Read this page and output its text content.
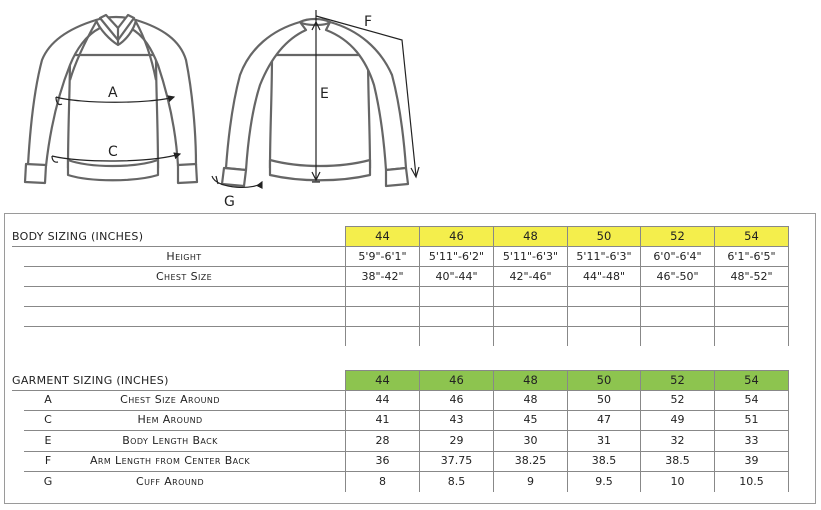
A
C
E
F
G
BODY SIZING (INCHES)	44	46	48	50	52	54
Height	5'9"-6'1"	5'11"-6'2"	5'11"-6'3"	5'11"-6'3"	6'0"-6'4"	6'1"-6'5"
Chest Size	38"-42"	40"-44"	42"-46"	44"-48"	46"-50"	48"-52"
GARMENT SIZING (INCHES)	44	46	48	50	52	54
A	Chest Size Around	44	46	48	50	52	54
C	Hem Around	41	43	45	47	49	51
E	Body Length Back	28	29	30	31	32	33
F	Arm Length from Center Back	36	37.75	38.25	38.5	38.5	39
G	Cuff Around	8	8.5	9	9.5	10	10.5
